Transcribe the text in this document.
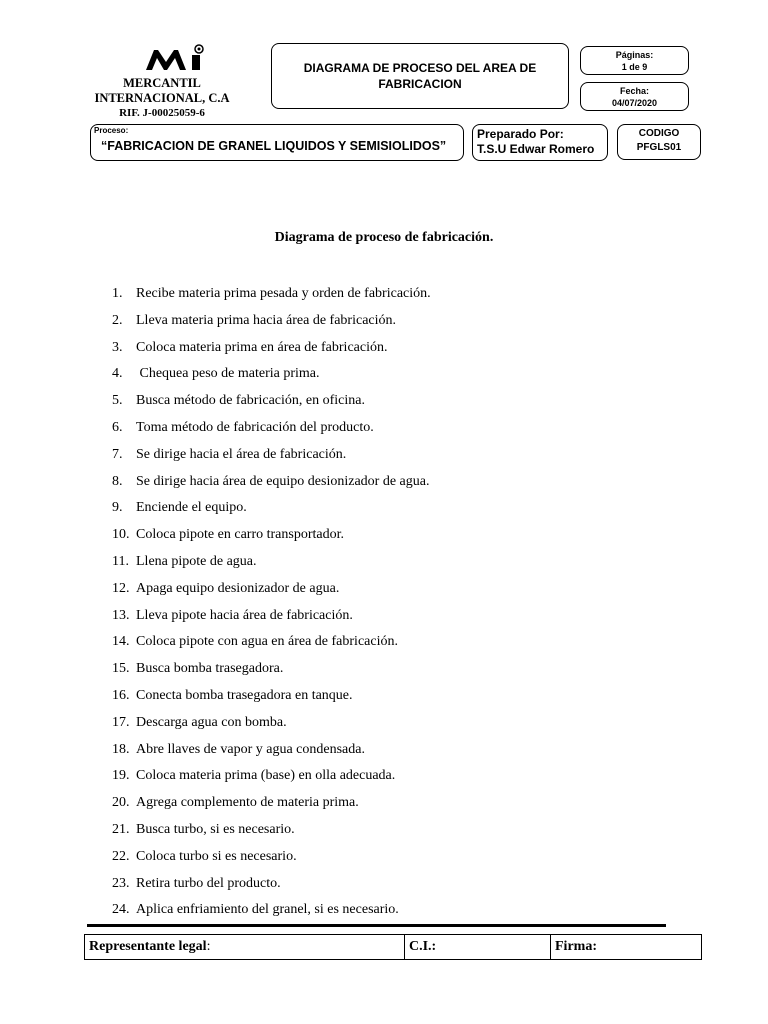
MERCANTIL
INTERNACIONAL, C.A
RIF. J-00025059-6
DIAGRAMA DE PROCESO DEL AREA DE
FABRICACION
Páginas:
1 de 9
Fecha:
04/07/2020
Proceso:
“FABRICACION DE GRANEL LIQUIDOS Y SEMISIOLIDOS”
Preparado Por:
T.S.U Edwar Romero
CODIGO
PFGLS01
Diagrama de proceso de fabricación.
1. Recibe materia prima pesada y orden de fabricación.
2. Lleva materia prima hacia área de fabricación.
3. Coloca materia prima en área de fabricación.
4. Chequea peso de materia prima.
5. Busca método de fabricación, en oficina.
6. Toma método de fabricación del producto.
7. Se dirige hacia el área de fabricación.
8. Se dirige hacia área de equipo desionizador de agua.
9. Enciende el equipo.
10. Coloca pipote en carro transportador.
11. Llena pipote de agua.
12. Apaga equipo desionizador de agua.
13. Lleva pipote hacia área de fabricación.
14. Coloca pipote con agua en área de fabricación.
15. Busca bomba trasegadora.
16. Conecta bomba trasegadora en tanque.
17. Descarga agua con bomba.
18. Abre llaves de vapor y agua condensada.
19. Coloca materia prima (base) en olla adecuada.
20. Agrega complemento de materia prima.
21. Busca turbo, si es necesario.
22. Coloca turbo si es necesario.
23. Retira turbo del producto.
24. Aplica enfriamiento del granel, si es necesario.
Representante legal:	C.I.:	Firma:
